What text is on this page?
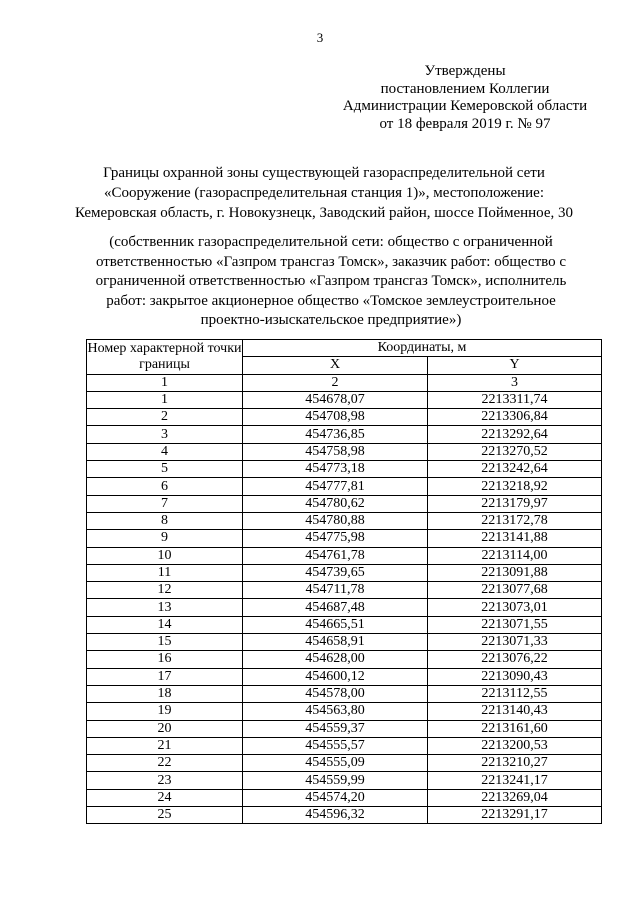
3
Утверждены
постановлением Коллегии
Администрации Кемеровской области
от 18 февраля 2019 г. № 97
Границы охранной зоны существующей газораспределительной сети
«Сооружение (газораспределительная станция 1)», местоположение:
Кемеровская область, г. Новокузнецк, Заводский район, шоссе Пойменное, 30
(собственник газораспределительной сети: общество с ограниченной
ответственностью «Газпром трансгаз Томск», заказчик работ: общество с
ограниченной ответственностью «Газпром трансгаз Томск», исполнитель
работ: закрытое акционерное общество «Томское землеустроительное
проектно-изыскательское предприятие»)
Номер характерной точки границы	Координаты, м	
	X	Y
1	2	3
1	454678,07	2213311,74
2	454708,98	2213306,84
3	454736,85	2213292,64
4	454758,98	2213270,52
5	454773,18	2213242,64
6	454777,81	2213218,92
7	454780,62	2213179,97
8	454780,88	2213172,78
9	454775,98	2213141,88
10	454761,78	2213114,00
11	454739,65	2213091,88
12	454711,78	2213077,68
13	454687,48	2213073,01
14	454665,51	2213071,55
15	454658,91	2213071,33
16	454628,00	2213076,22
17	454600,12	2213090,43
18	454578,00	2213112,55
19	454563,80	2213140,43
20	454559,37	2213161,60
21	454555,57	2213200,53
22	454555,09	2213210,27
23	454559,99	2213241,17
24	454574,20	2213269,04
25	454596,32	2213291,17
